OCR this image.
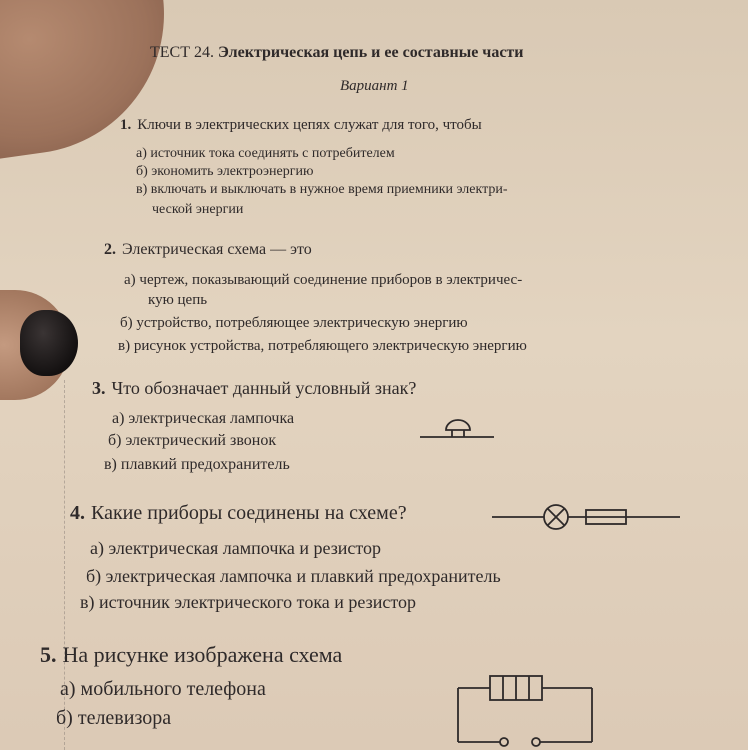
ТЕСТ 24. Электрическая цепь и ее составные части
Вариант 1
1. Ключи в электрических цепях служат для того, чтобы
а) источник тока соединять с потребителем
б) экономить электроэнергию
в) включать и выключать в нужное время приемники электри-
ческой энергии
2. Электрическая схема — это
а) чертеж, показывающий соединение приборов в электричес-
кую цепь
б) устройство, потребляющее электрическую энергию
в) рисунок устройства, потребляющего электрическую энергию
3. Что обозначает данный условный знак?
а) электрическая лампочка
б) электрический звонок
в) плавкий предохранитель
4. Какие приборы соединены на схеме?
а) электрическая лампочка и резистор
б) электрическая лампочка и плавкий предохранитель
в) источник электрического тока и резистор
5. На рисунке изображена схема
а) мобильного телефона
б) телевизора
